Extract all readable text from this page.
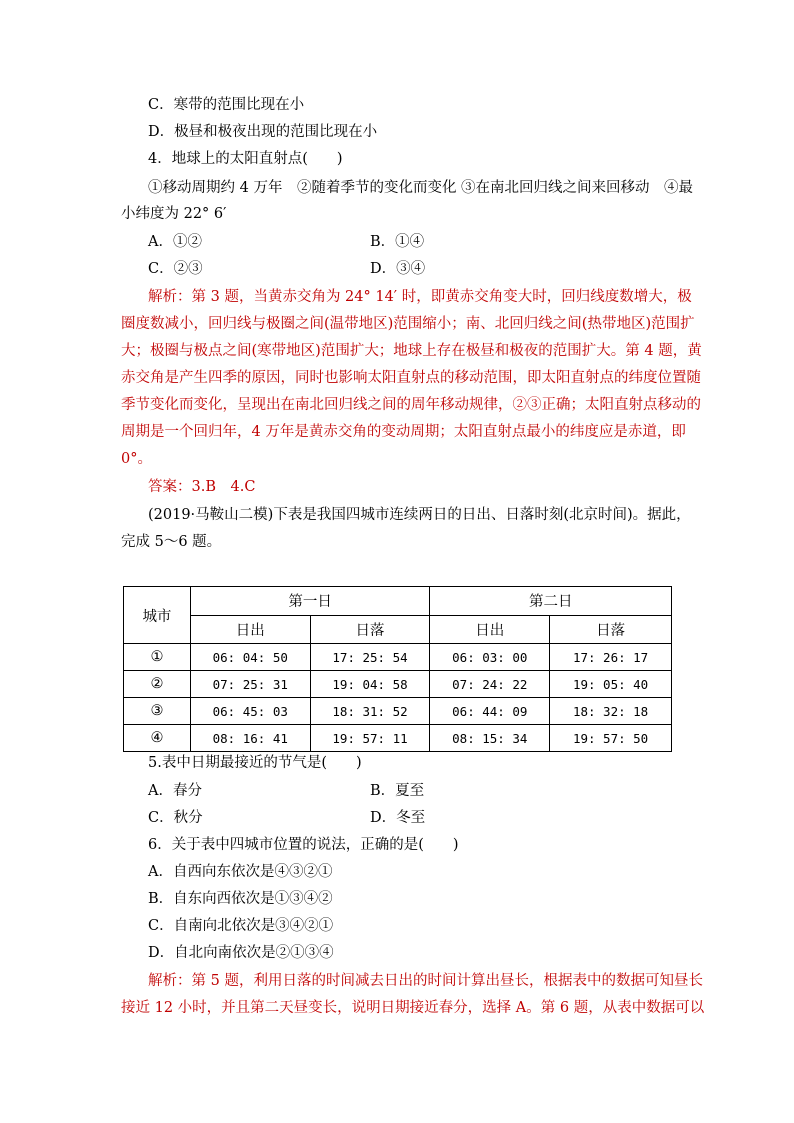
C．寒带的范围比现在小
D．极昼和极夜出现的范围比现在小
4．地球上的太阳直射点(　　)
①移动周期约 4 万年　②随着季节的变化而变化 ③在南北回归线之间来回移动　④最
小纬度为 22° 6′
A．①②	B．①④
C．②③	D．③④
解析：第 3 题，当黄赤交角为 24° 14′ 时，即黄赤交角变大时，回归线度数增大，极
圈度数减小，回归线与极圈之间(温带地区)范围缩小；南、北回归线之间(热带地区)范围扩
大；极圈与极点之间(寒带地区)范围扩大；地球上存在极昼和极夜的范围扩大。第 4 题，黄
赤交角是产生四季的原因，同时也影响太阳直射点的移动范围，即太阳直射点的纬度位置随
季节变化而变化，呈现出在南北回归线之间的周年移动规律，②③正确；太阳直射点移动的
周期是一个回归年，4 万年是黄赤交角的变动周期；太阳直射点最小的纬度应是赤道，即
0°。
答案：3.B　4.C
(2019·马鞍山二模)下表是我国四城市连续两日的日出、日落时刻(北京时间)。据此，
完成 5～6 题。
城市	第一日		第二日	
	日出	日落	日出	日落
①	06: 04: 50	17: 25: 54	06: 03: 00	17: 26: 17
②	07: 25: 31	19: 04: 58	07: 24: 22	19: 05: 40
③	06: 45: 03	18: 31: 52	06: 44: 09	18: 32: 18
④	08: 16: 41	19: 57: 11	08: 15: 34	19: 57: 50
5.表中日期最接近的节气是(　　)
A．春分	B．夏至
C．秋分	D．冬至
6．关于表中四城市位置的说法，正确的是(　　)
A．自西向东依次是④③②①
B．自东向西依次是①③④②
C．自南向北依次是③④②①
D．自北向南依次是②①③④
解析：第 5 题，利用日落的时间减去日出的时间计算出昼长，根据表中的数据可知昼长
接近 12 小时，并且第二天昼变长，说明日期接近春分，选择 A。第 6 题，从表中数据可以
